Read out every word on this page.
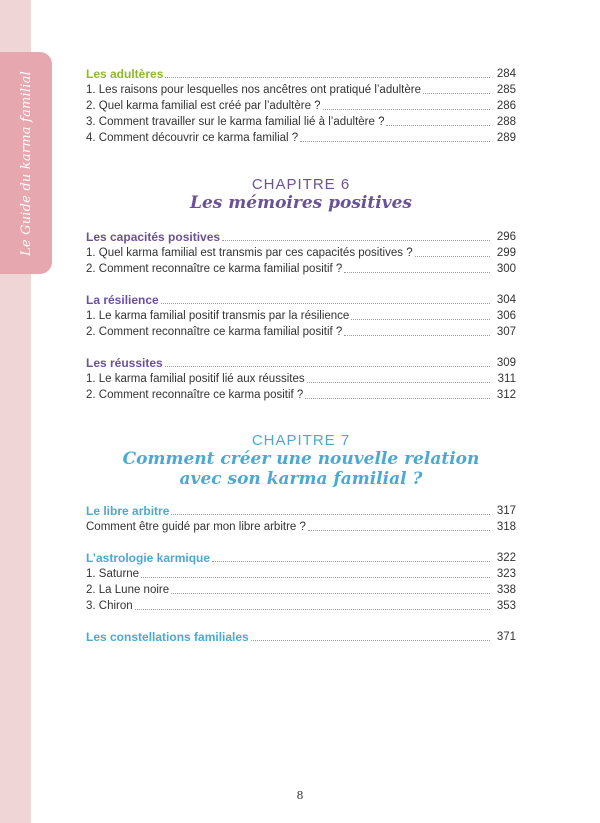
Le Guide du karma familial	Les adultères	284
1. Les raisons pour lesquelles nos ancêtres ont pratiqué l’adultère	285
2. Quel karma familial est créé par l’adultère ?	286
3. Comment travailler sur le karma familial lié à l’adultère ?	288
4. Comment découvrir ce karma familial ?	289
CHAPITRE 6
Les mémoires positives
Les capacités positives	296
1. Quel karma familial est transmis par ces capacités positives ?	299
2. Comment reconnaître ce karma familial positif ?	300
La résilience	304
1. Le karma familial positif transmis par la résilience	306
2. Comment reconnaître ce karma familial positif ?	307
Les réussites	309
1. Le karma familial positif lié aux réussites	311
2. Comment reconnaître ce karma positif ?	312
CHAPITRE 7
Comment créer une nouvelle relation
avec son karma familial ?
Le libre arbitre	317
Comment être guidé par mon libre arbitre ?	318
L’astrologie karmique	322
1. Saturne	323
2. La Lune noire	338
3. Chiron	353
Les constellations familiales	371
8
